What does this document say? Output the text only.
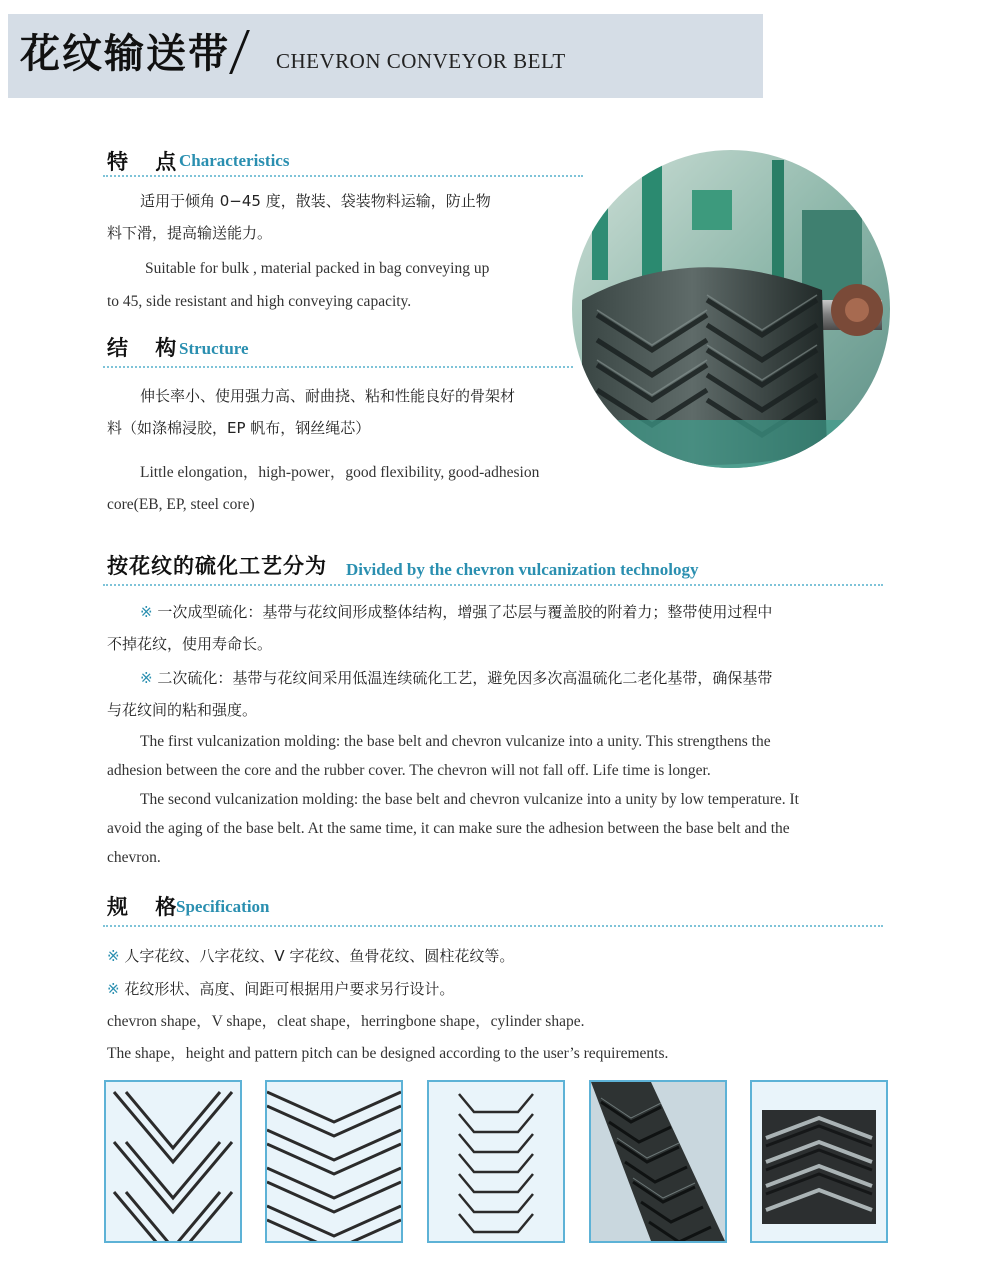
花纹输送带 CHEVRON CONVEYOR BELT
特 点
Characteristics
适用于倾角 0−45 度，散装、袋装物料运输，防止物
料下滑，提高输送能力。
Suitable for bulk , material packed in bag conveying up
to 45, side resistant and high conveying capacity.
结 构
Structure
伸长率小、使用强力高、耐曲挠、粘和性能良好的骨架材
料（如涤棉浸胶，EP 帆布，钢丝绳芯）
Little elongation，high-power，good flexibility, good-adhesion
core(EB, EP, steel core)
按花纹的硫化工艺分为 Divided by the chevron vulcanization technology
※ 一次成型硫化：基带与花纹间形成整体结构，增强了芯层与覆盖胶的附着力；整带使用过程中
不掉花纹，使用寿命长。
※ 二次硫化：基带与花纹间采用低温连续硫化工艺，避免因多次高温硫化二老化基带，确保基带
与花纹间的粘和强度。
The first vulcanization molding: the base belt and chevron vulcanize into a unity. This strengthens the
adhesion between the core and the rubber cover. The chevron will not fall off. Life time is longer.
The second vulcanization molding: the base belt and chevron vulcanize into a unity by low temperature. It
avoid the aging of the base belt. At the same time, it can make sure the adhesion between the base belt and the
chevron.
规 格
Specification
※ 人字花纹、八字花纹、V 字花纹、鱼骨花纹、圆柱花纹等。
※ 花纹形状、高度、间距可根据用户要求另行设计。
chevron shape，V shape，cleat shape，herringbone shape，cylinder shape.
The shape，height and pattern pitch can be designed according to the user’s requirements.
